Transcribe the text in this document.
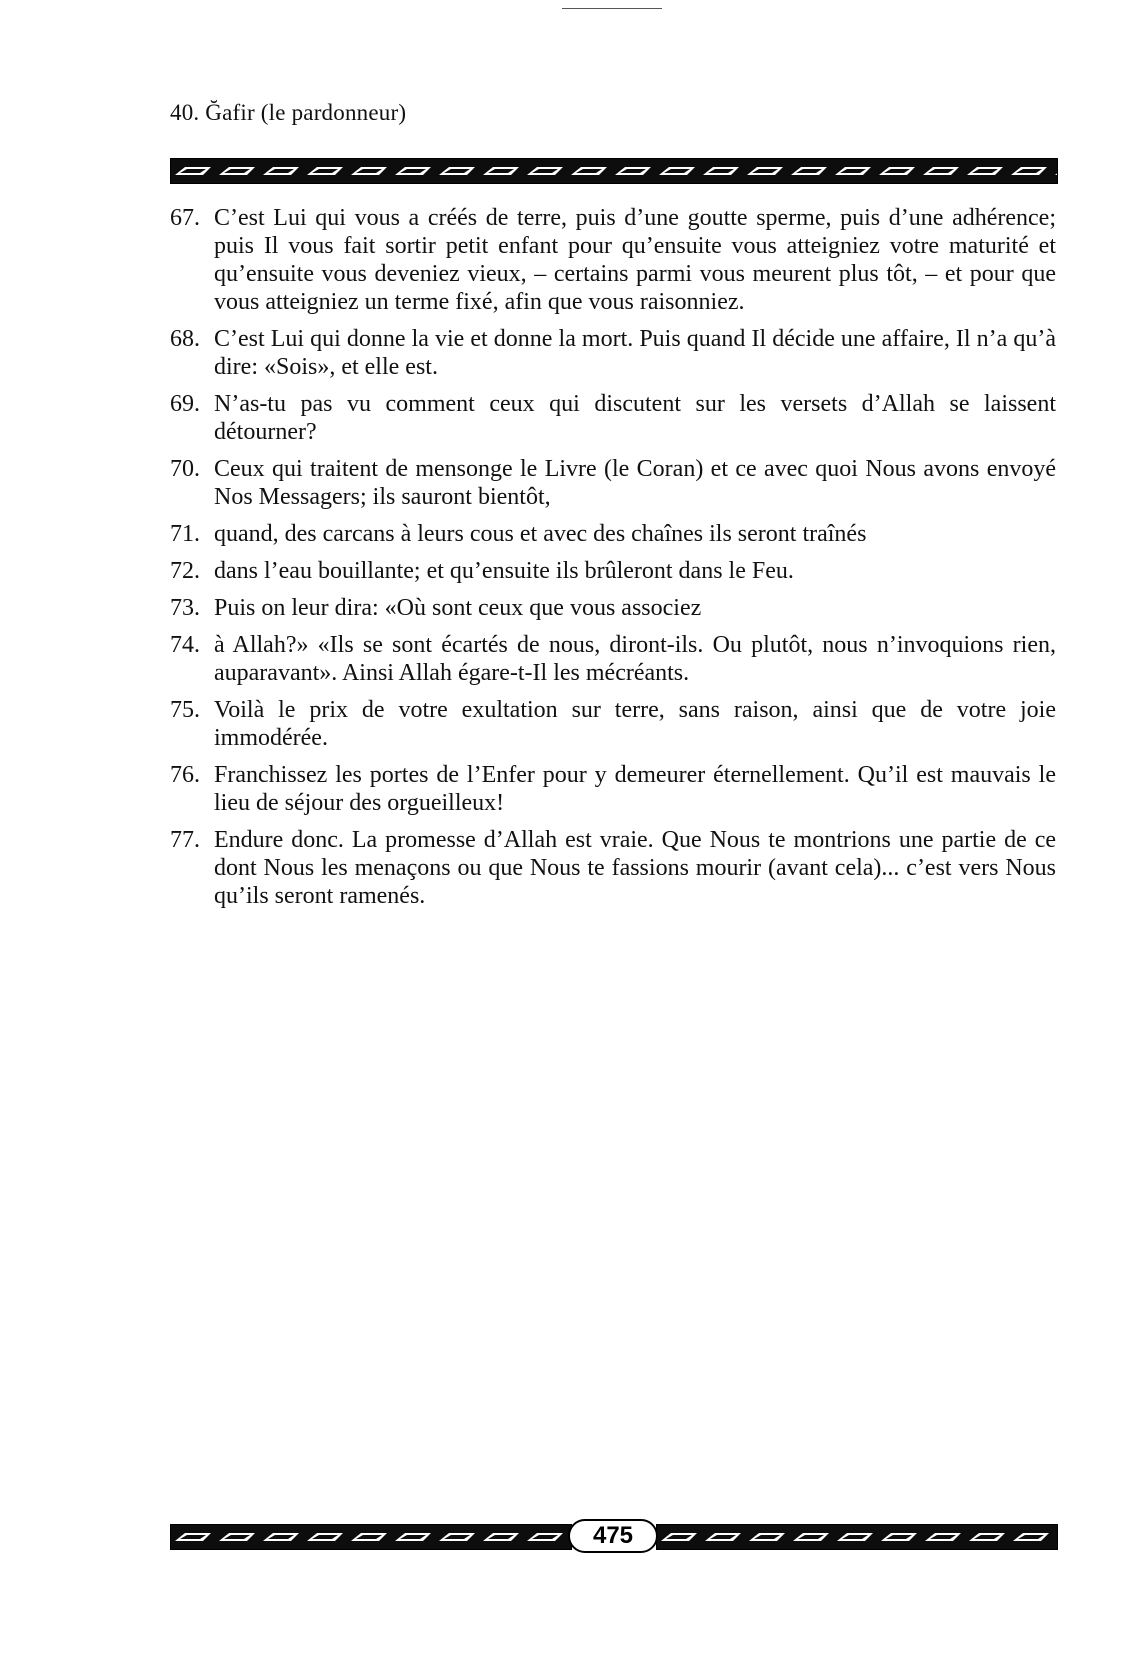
40. Ğafir (le pardonneur)
67. C’est Lui qui vous a créés de terre, puis d’une goutte sperme, puis d’une adhérence; puis Il vous fait sortir petit enfant pour qu’ensuite vous atteigniez votre maturité et qu’ensuite vous deveniez vieux, – certains parmi vous meurent plus tôt, – et pour que vous atteigniez un terme fixé, afin que vous raisonniez.
68. C’est Lui qui donne la vie et donne la mort. Puis quand Il décide une affaire, Il n’a qu’à dire: «Sois», et elle est.
69. N’as-tu pas vu comment ceux qui discutent sur les versets d’Allah se laissent détourner?
70. Ceux qui traitent de mensonge le Livre (le Coran) et ce avec quoi Nous avons envoyé Nos Messagers; ils sauront bientôt,
71. quand, des carcans à leurs cous et avec des chaînes ils seront traînés
72. dans l’eau bouillante; et qu’ensuite ils brûleront dans le Feu.
73. Puis on leur dira: «Où sont ceux que vous associez
74. à Allah?» «Ils se sont écartés de nous, diront-ils. Ou plutôt, nous n’invoquions rien, auparavant». Ainsi Allah égare-t-Il les mécréants.
75. Voilà le prix de votre exultation sur terre, sans raison, ainsi que de votre joie immodérée.
76. Franchissez les portes de l’Enfer pour y demeurer éternellement. Qu’il est mauvais le lieu de séjour des orgueilleux!
77. Endure donc. La promesse d’Allah est vraie. Que Nous te montrions une partie de ce dont Nous les menaçons ou que Nous te fassions mourir (avant cela)... c’est vers Nous qu’ils seront ramenés.
475
